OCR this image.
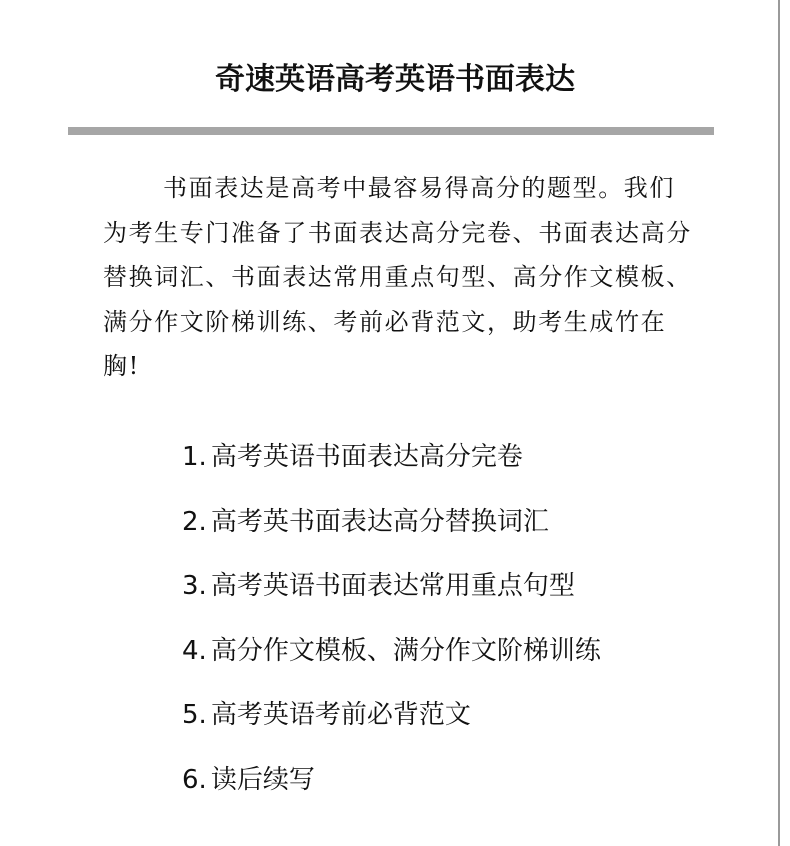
奇速英语高考英语书面表达

书面表达是高考中最容易得高分的题型。我们为考生专门准备了书面表达高分完卷、书面表达高分替换词汇、书面表达常用重点句型、高分作文模板、满分作文阶梯训练、考前必背范文，助考生成竹在胸!

1. 高考英语书面表达高分完卷
2. 高考英书面表达高分替换词汇
3. 高考英语书面表达常用重点句型
4. 高分作文模板、满分作文阶梯训练
5. 高考英语考前必背范文
6. 读后续写
